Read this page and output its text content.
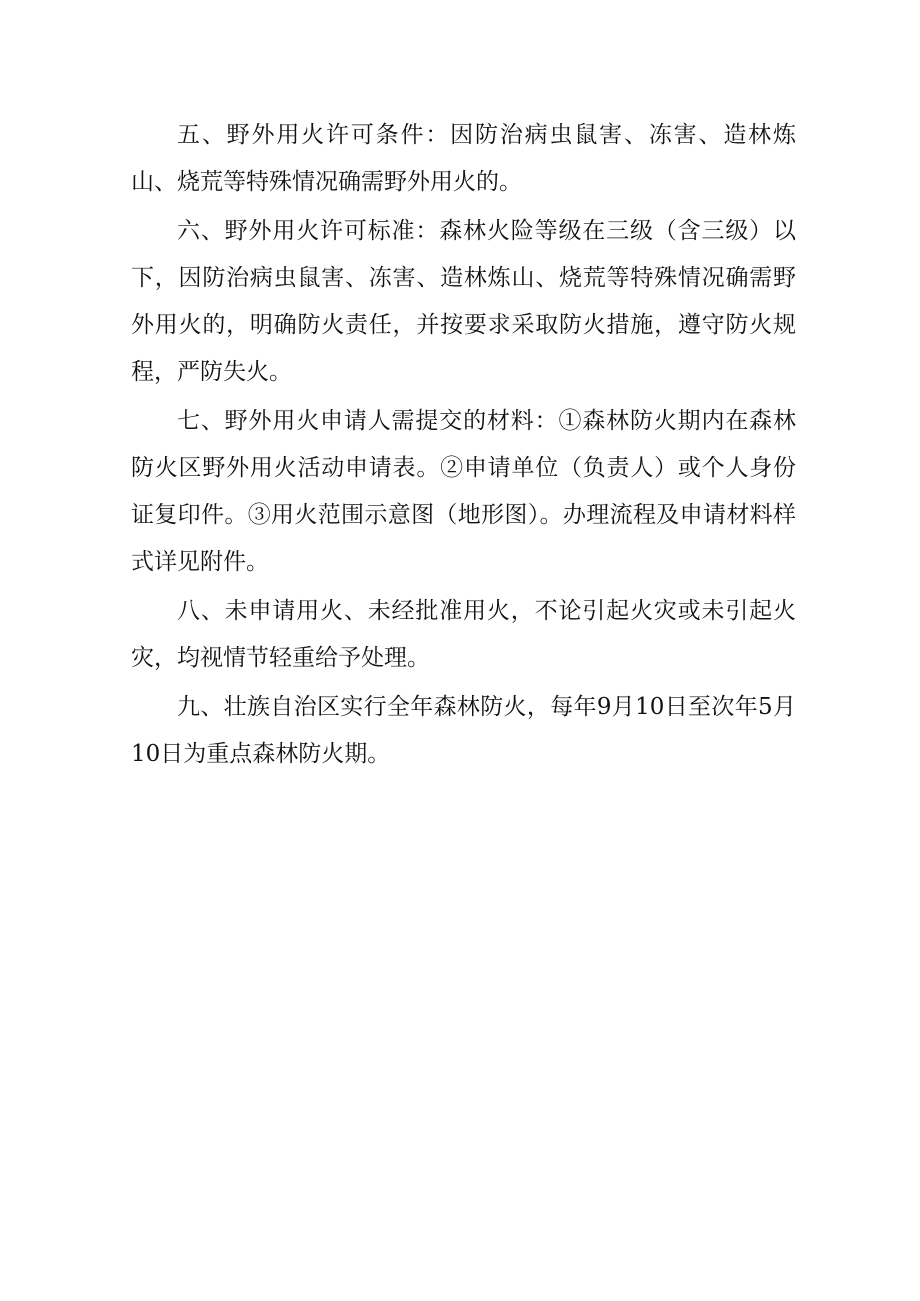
五、野外用火许可条件：因防治病虫鼠害、冻害、造林炼山、烧荒等特殊情况确需野外用火的。

六、野外用火许可标准：森林火险等级在三级（含三级）以下，因防治病虫鼠害、冻害、造林炼山、烧荒等特殊情况确需野外用火的，明确防火责任，并按要求采取防火措施，遵守防火规程，严防失火。

七、野外用火申请人需提交的材料：①森林防火期内在森林防火区野外用火活动申请表。②申请单位（负责人）或个人身份证复印件。③用火范围示意图（地形图）。办理流程及申请材料样式详见附件。

八、未申请用火、未经批准用火，不论引起火灾或未引起火灾，均视情节轻重给予处理。

九、壮族自治区实行全年森林防火，每年9月10日至次年5月10日为重点森林防火期。
